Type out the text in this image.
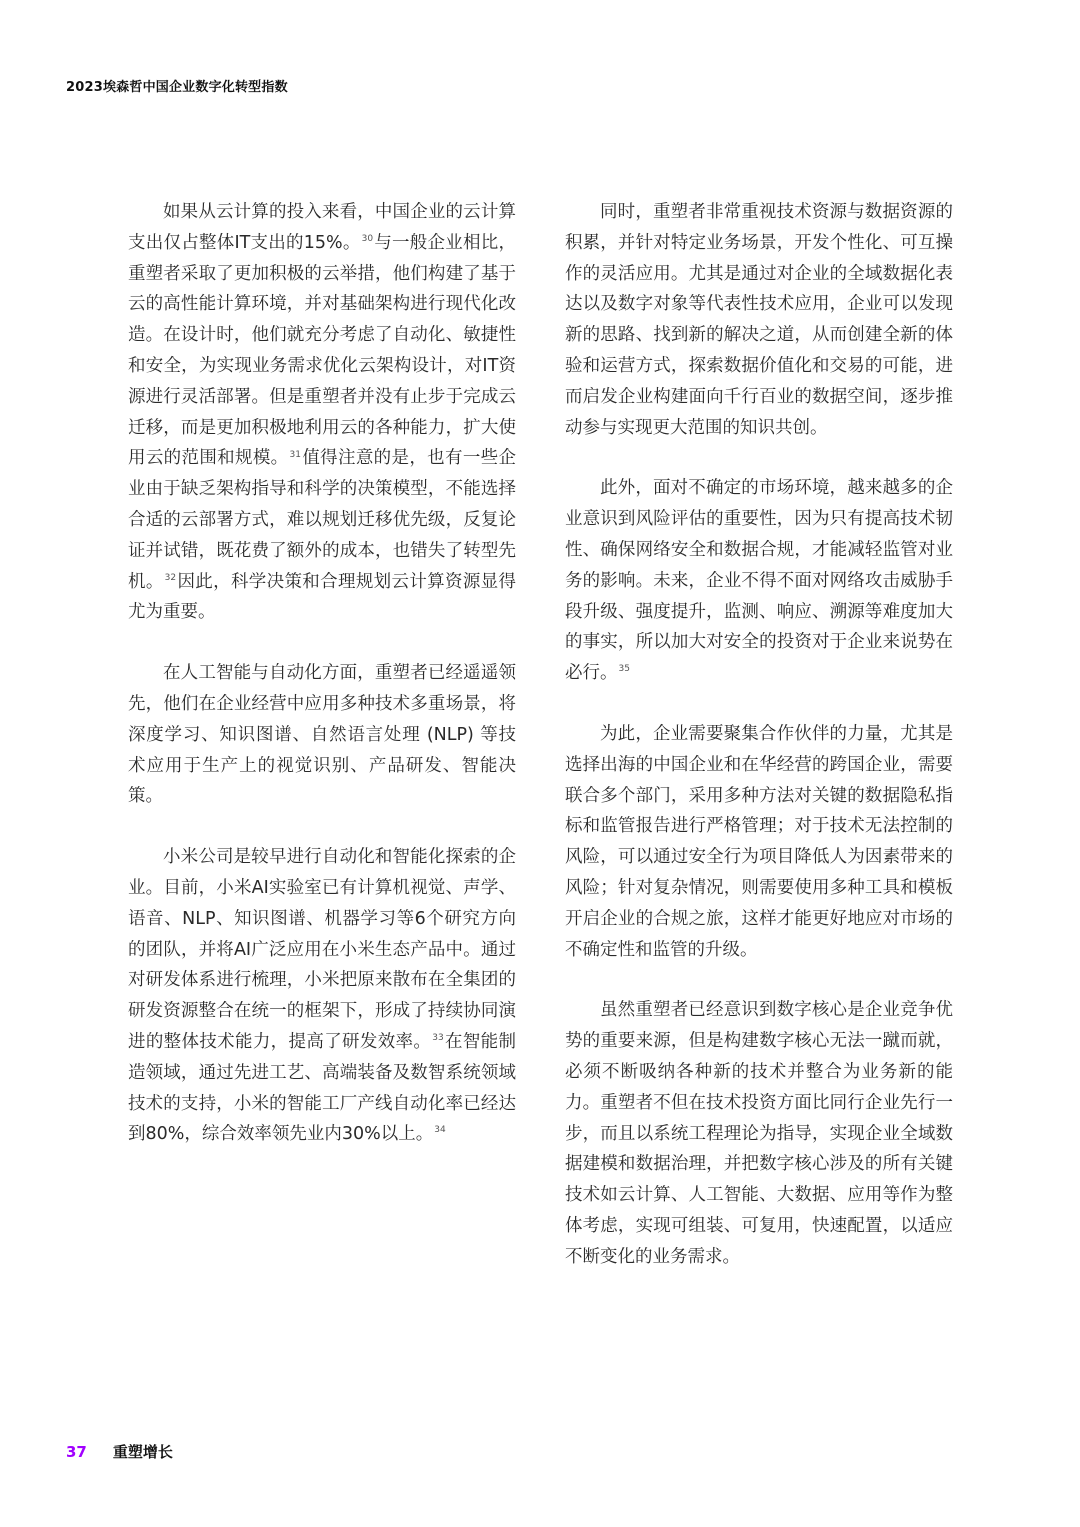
2023埃森哲中国企业数字化转型指数

如果从云计算的投入来看，中国企业的云计算支出仅占整体IT支出的15%。$^{30}$与一般企业相比，重塑者采取了更加积极的云举措，他们构建了基于云的高性能计算环境，并对基础架构进行现代化改造。在设计时，他们就充分考虑了自动化、敏捷性和安全，为实现业务需求优化云架构设计，对IT资源进行灵活部署。但是重塑者并没有止步于完成云迁移，而是更加积极地利用云的各种能力，扩大使用云的范围和规模。$^{31}$值得注意的是，也有一些企业由于缺乏架构指导和科学的决策模型，不能选择合适的云部署方式，难以规划迁移优先级，反复论证并试错，既花费了额外的成本，也错失了转型先机。$^{32}$因此，科学决策和合理规划云计算资源显得尤为重要。

在人工智能与自动化方面，重塑者已经遥遥领先，他们在企业经营中应用多种技术多重场景，将深度学习、知识图谱、自然语言处理 (NLP) 等技术应用于生产上的视觉识别、产品研发、智能决策。

小米公司是较早进行自动化和智能化探索的企业。目前，小米AI实验室已有计算机视觉、声学、语音、NLP、知识图谱、机器学习等6个研究方向的团队，并将AI广泛应用在小米生态产品中。通过对研发体系进行梳理，小米把原来散布在全集团的研发资源整合在统一的框架下，形成了持续协同演进的整体技术能力，提高了研发效率。$^{33}$在智能制造领域，通过先进工艺、高端装备及数智系统领域技术的支持，小米的智能工厂产线自动化率已经达到80%，综合效率领先业内30%以上。$^{34}$

同时，重塑者非常重视技术资源与数据资源的积累，并针对特定业务场景，开发个性化、可互操作的灵活应用。尤其是通过对企业的全域数据化表达以及数字对象等代表性技术应用，企业可以发现新的思路、找到新的解决之道，从而创建全新的体验和运营方式，探索数据价值化和交易的可能，进而启发企业构建面向千行百业的数据空间，逐步推动参与实现更大范围的知识共创。

此外，面对不确定的市场环境，越来越多的企业意识到风险评估的重要性，因为只有提高技术韧性、确保网络安全和数据合规，才能减轻监管对业务的影响。未来，企业不得不面对网络攻击威胁手段升级、强度提升，监测、响应、溯源等难度加大的事实，所以加大对安全的投资对于企业来说势在必行。$^{35}$

为此，企业需要聚集合作伙伴的力量，尤其是选择出海的中国企业和在华经营的跨国企业，需要联合多个部门，采用多种方法对关键的数据隐私指标和监管报告进行严格管理；对于技术无法控制的风险，可以通过安全行为项目降低人为因素带来的风险；针对复杂情况，则需要使用多种工具和模板开启企业的合规之旅，这样才能更好地应对市场的不确定性和监管的升级。

虽然重塑者已经意识到数字核心是企业竞争优势的重要来源，但是构建数字核心无法一蹴而就，必须不断吸纳各种新的技术并整合为业务新的能力。重塑者不但在技术投资方面比同行企业先行一步，而且以系统工程理论为指导，实现企业全域数据建模和数据治理，并把数字核心涉及的所有关键技术如云计算、人工智能、大数据、应用等作为整体考虑，实现可组装、可复用，快速配置，以适应不断变化的业务需求。

37 重塑增长
